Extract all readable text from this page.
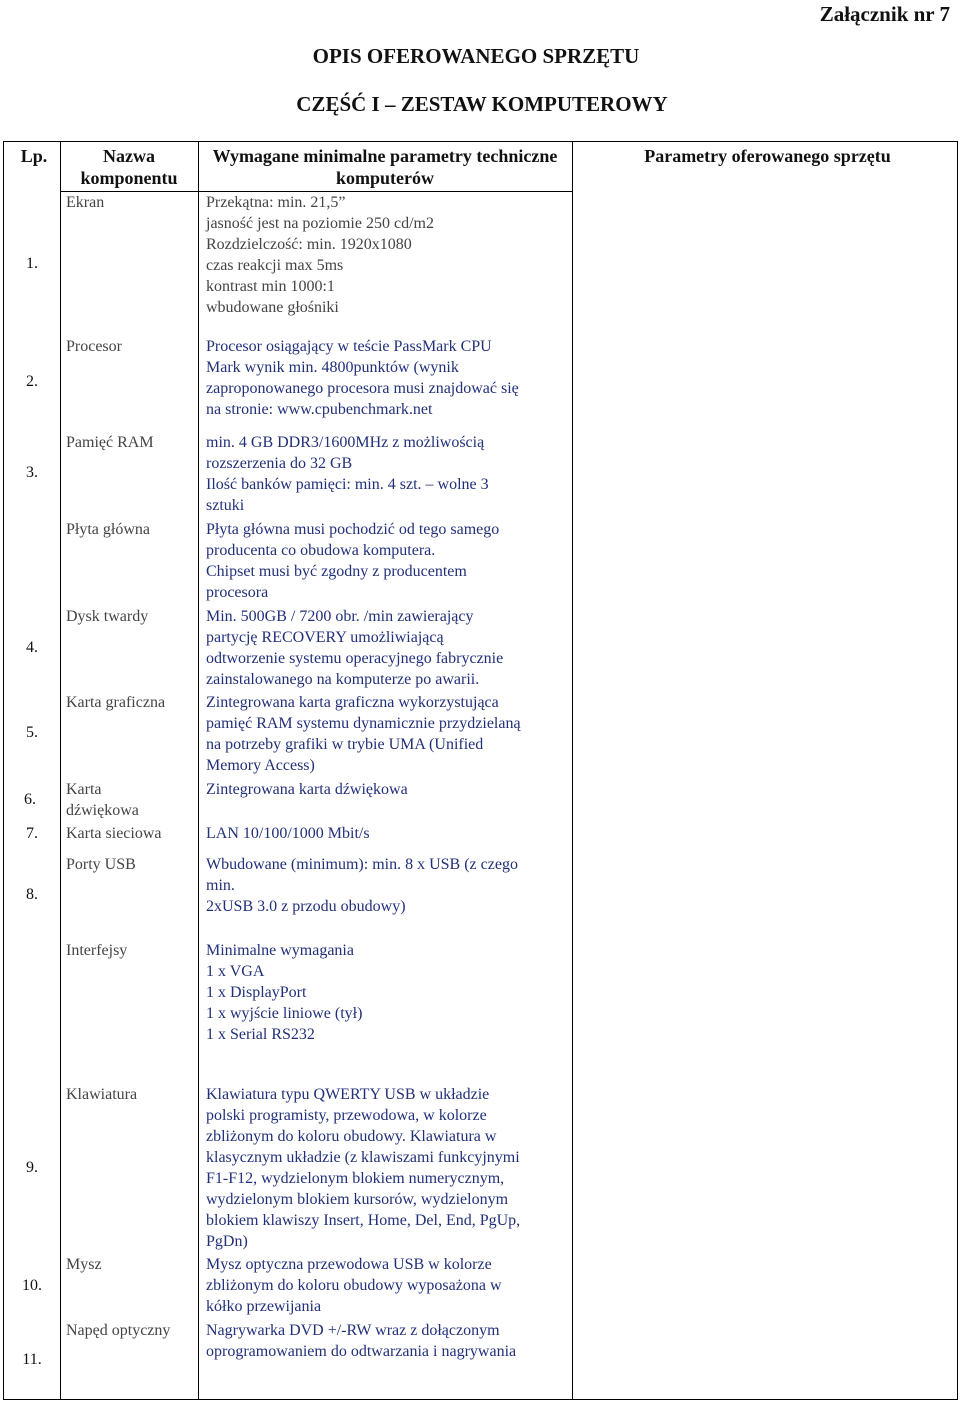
Załącznik nr 7
OPIS OFEROWANEGO SPRZĘTU
CZĘŚĆ I – ZESTAW KOMPUTEROWY
Lp.	Nazwa komponentu
Wymagane minimalne parametry techniczne komputerów
Parametry oferowanego sprzętu
1.
2.
3.
4.
5.
6.
7.
8.
9.
10.
11.
Ekran
Procesor
Pamięć RAM
Płyta główna
Dysk twardy
Karta graficzna
Karta
dźwiękowa
Karta sieciowa
Porty USB
Interfejsy
Klawiatura
Mysz
Napęd optyczny
Przekątna: min. 21,5”
jasność jest na poziomie 250 cd/m2
Rozdzielczość: min. 1920x1080
czas reakcji max 5ms
kontrast min 1000:1
wbudowane głośniki
Procesor osiągający w teście PassMark CPU
Mark wynik min. 4800punktów (wynik
zaproponowanego procesora musi znajdować się
na stronie: www.cpubenchmark.net
min. 4 GB DDR3/1600MHz z możliwością
rozszerzenia do 32 GB
Ilość banków pamięci: min. 4 szt. – wolne 3
sztuki
Płyta główna musi pochodzić od tego samego
producenta co obudowa komputera.
Chipset musi być zgodny z producentem
procesora
Min. 500GB / 7200 obr. /min zawierający
partycję RECOVERY umożliwiającą
odtworzenie systemu operacyjnego fabrycznie
zainstalowanego na komputerze po awarii.
Zintegrowana karta graficzna wykorzystująca
pamięć RAM systemu dynamicznie przydzielaną
na potrzeby grafiki w trybie UMA (Unified
Memory Access)
Zintegrowana karta dźwiękowa
LAN 10/100/1000 Mbit/s
Wbudowane (minimum): min. 8 x USB (z czego
min.
2xUSB 3.0 z przodu obudowy)
Minimalne wymagania
1 x VGA
1 x DisplayPort
1 x wyjście liniowe (tył)
1 x Serial RS232
Klawiatura typu QWERTY USB w układzie
polski programisty, przewodowa, w kolorze
zbliżonym do koloru obudowy. Klawiatura w
klasycznym układzie (z klawiszami funkcyjnymi
F1-F12, wydzielonym blokiem numerycznym,
wydzielonym blokiem kursorów, wydzielonym
blokiem klawiszy Insert, Home, Del, End, PgUp,
PgDn)
Mysz optyczna przewodowa USB w kolorze
zbliżonym do koloru obudowy wyposażona w
kółko przewijania
Nagrywarka DVD +/-RW wraz z dołączonym
oprogramowaniem do odtwarzania i nagrywania
